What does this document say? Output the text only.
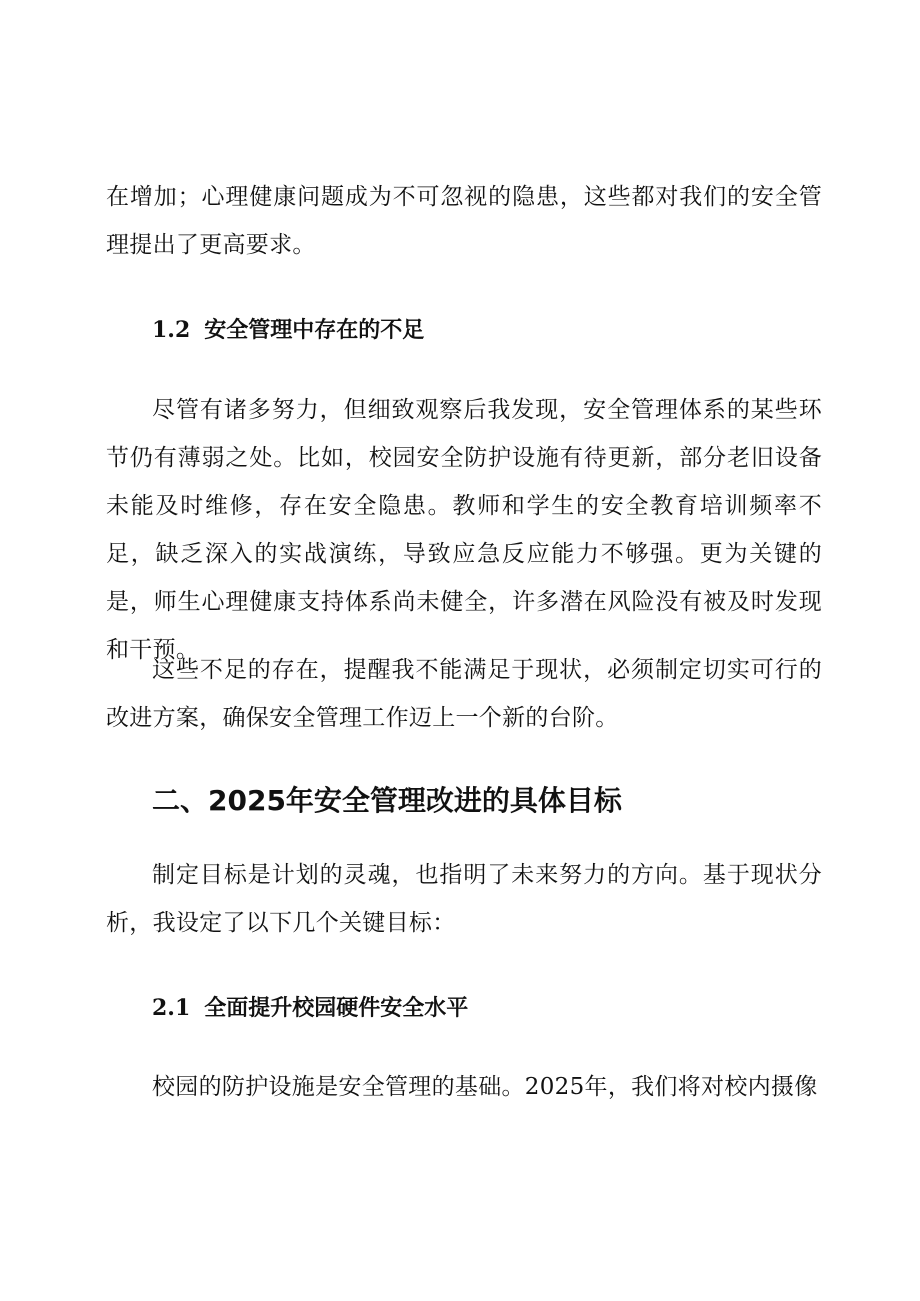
在增加；心理健康问题成为不可忽视的隐患，这些都对我们的安全管理提出了更高要求。

1.2 安全管理中存在的不足

尽管有诸多努力，但细致观察后我发现，安全管理体系的某些环节仍有薄弱之处。比如，校园安全防护设施有待更新，部分老旧设备未能及时维修，存在安全隐患。教师和学生的安全教育培训频率不足，缺乏深入的实战演练，导致应急反应能力不够强。更为关键的是，师生心理健康支持体系尚未健全，许多潜在风险没有被及时发现和干预。

这些不足的存在，提醒我不能满足于现状，必须制定切实可行的改进方案，确保安全管理工作迈上一个新的台阶。

二、2025年安全管理改进的具体目标

制定目标是计划的灵魂，也指明了未来努力的方向。基于现状分析，我设定了以下几个关键目标：

2.1 全面提升校园硬件安全水平

校园的防护设施是安全管理的基础。2025年，我们将对校内摄像
